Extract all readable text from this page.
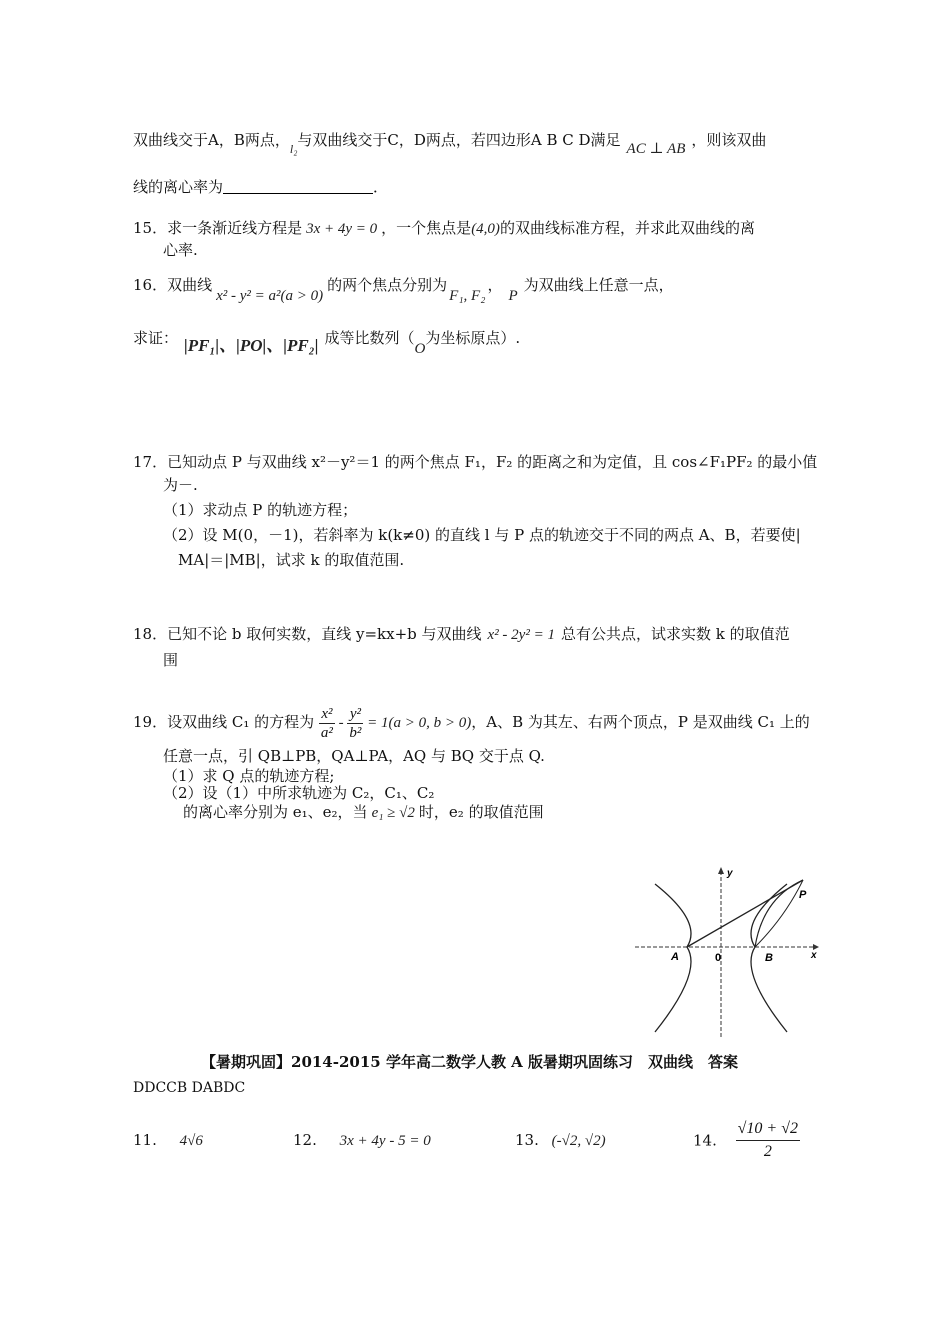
双曲线交于A，B两点，$_{l_2}$与双曲线交于C，D两点，若四边形A B C D满足 AC ⊥ AB ，则该双曲
线的离心率为	．
15．求一条渐近线方程是 3x + 4y = 0 ，一个焦点是(4,0)的双曲线标准方程，并求此双曲线的离
心率.
16．双曲线x² - y² = a²(a > 0)的两个焦点分别为F₁, F₂，P为双曲线上任意一点，
求证： |PF₁|、|PO|、|PF₂| 成等比数列（O为坐标原点）.
17．已知动点 P 与双曲线 x²－y²＝1 的两个焦点 F₁，F₂ 的距离之和为定值，且 cos∠F₁PF₂ 的最小值
为－.
（1）求动点 P 的轨迹方程；
（2）设 M(0，－1)，若斜率为 k(k≠0) 的直线 l 与 P 点的轨迹交于不同的两点 A、B，若要使|
MA|＝|MB|，试求 k 的取值范围.
18．已知不论 b 取何实数，直线 y=kx+b 与双曲线 x² - 2y² = 1 总有公共点，试求实数 k 的取值范
围
19．设双曲线 C₁ 的方程为 $\frac{\text{x²}}{\text{a²}} - \frac{\text{y²}}{\text{b²}} = 1(a > 0$, b > 0)，A、B 为其左、右两个顶点，P 是双曲线 C₁ 上的
任意一点，引 QB⊥PB，QA⊥PA，AQ 与 BQ 交于点 Q.
（1）求 Q 点的轨迹方程;
（2）设（1）中所求轨迹为 C₂，C₁、C₂
的离心率分别为 e₁、e₂，当 e₁ ≥ √2 时，e₂ 的取值范围
y
x
P
A	0	B
【暑期巩固】2014-2015 学年高二数学人教 A 版暑期巩固练习　双曲线　答案
DDCCB DABDC
11. 4√6	12. 3x + 4y - 5 = 0	13. (-√2, √2)	14. $\frac{√10 + √2}{2}$
